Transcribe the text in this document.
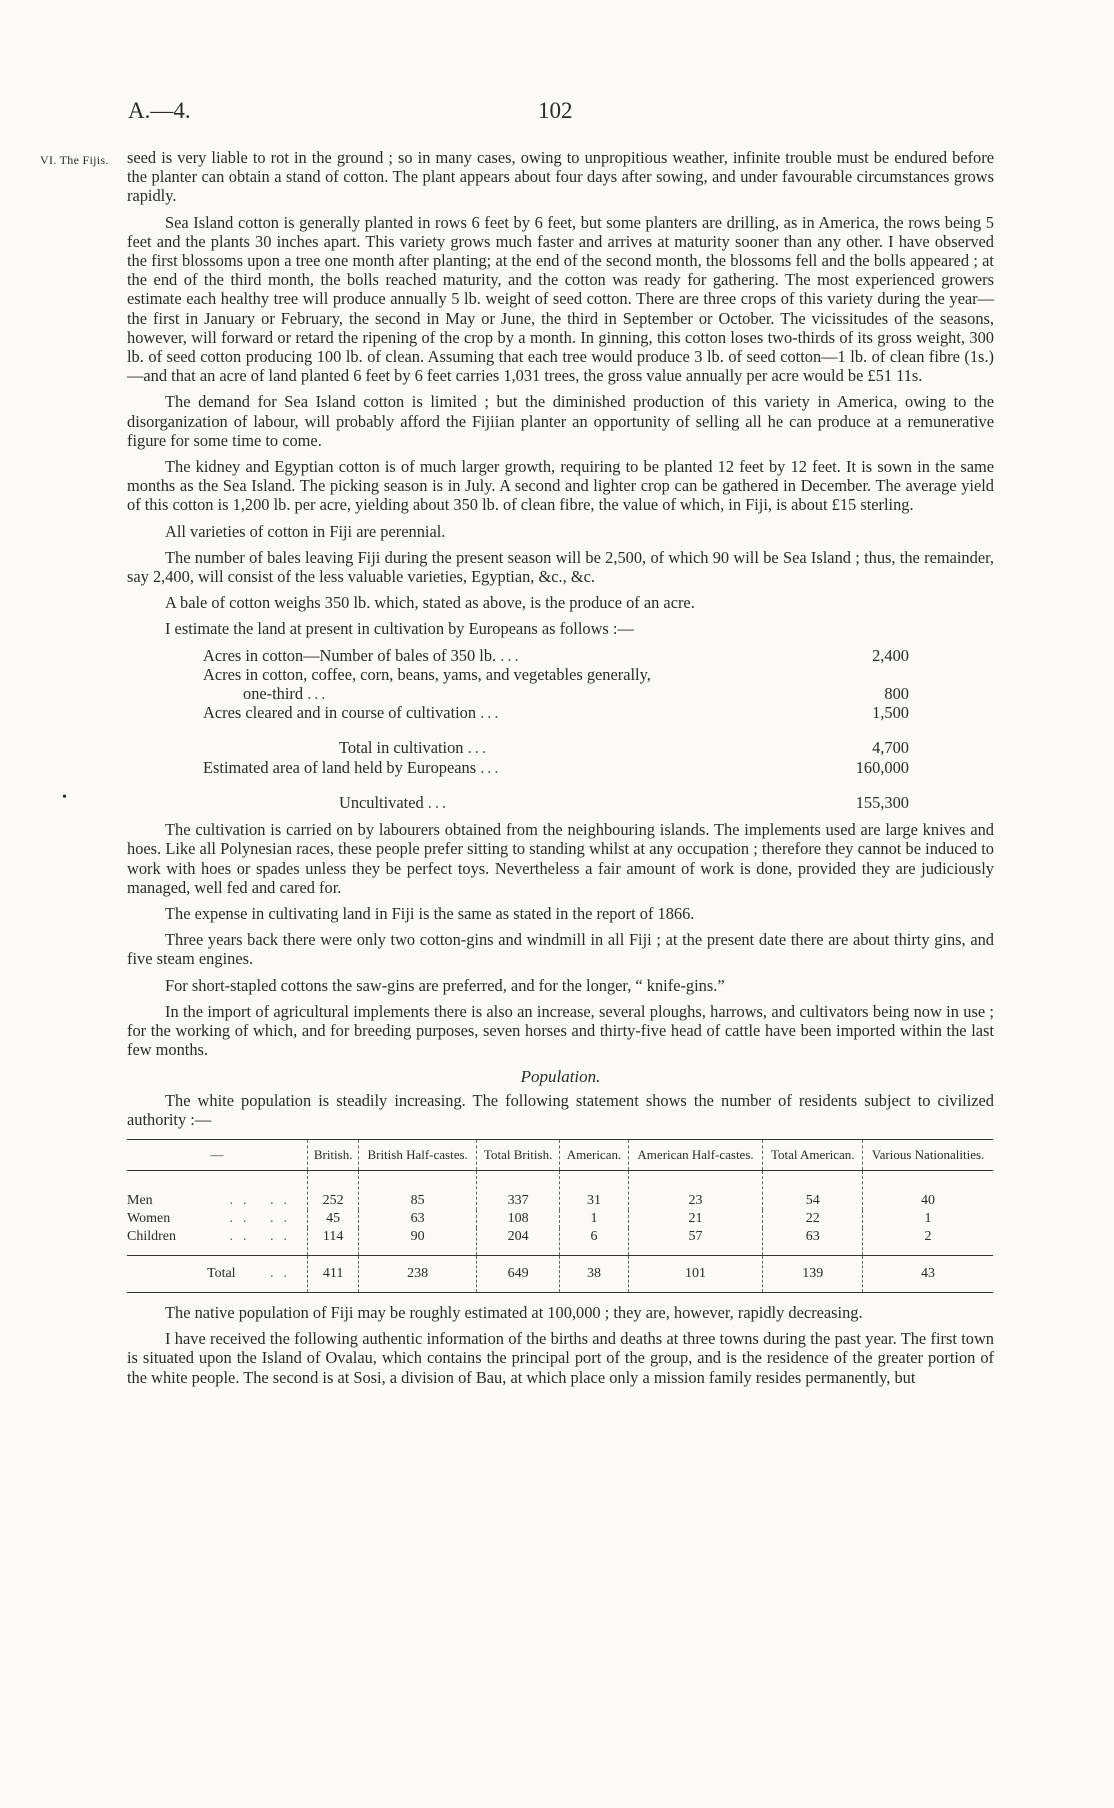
A.—4.	102
VI. The Fijis.
•

seed is very liable to rot in the ground ; so in many cases, owing to unpropitious weather, infinite trouble must be endured before the planter can obtain a stand of cotton. The plant appears about four days after sowing, and under favourable circumstances grows rapidly.

Sea Island cotton is generally planted in rows 6 feet by 6 feet, but some planters are drilling, as in America, the rows being 5 feet and the plants 30 inches apart. This variety grows much faster and arrives at maturity sooner than any other. I have observed the first blossoms upon a tree one month after planting; at the end of the second month, the blossoms fell and the bolls appeared ; at the end of the third month, the bolls reached maturity, and the cotton was ready for gathering. The most experienced growers estimate each healthy tree will produce annually 5 lb. weight of seed cotton. There are three crops of this variety during the year—the first in January or February, the second in May or June, the third in September or October. The vicissitudes of the seasons, however, will forward or retard the ripening of the crop by a month. In ginning, this cotton loses two-thirds of its gross weight, 300 lb. of seed cotton producing 100 lb. of clean. Assuming that each tree would produce 3 lb. of seed cotton—1 lb. of clean fibre (1s.)—and that an acre of land planted 6 feet by 6 feet carries 1,031 trees, the gross value annually per acre would be £51 11s.

The demand for Sea Island cotton is limited ; but the diminished production of this variety in America, owing to the disorganization of labour, will probably afford the Fijiian planter an opportunity of selling all he can produce at a remunerative figure for some time to come.

The kidney and Egyptian cotton is of much larger growth, requiring to be planted 12 feet by 12 feet. It is sown in the same months as the Sea Island. The picking season is in July. A second and lighter crop can be gathered in December. The average yield of this cotton is 1,200 lb. per acre, yielding about 350 lb. of clean fibre, the value of which, in Fiji, is about £15 sterling.

All varieties of cotton in Fiji are perennial.

The number of bales leaving Fiji during the present season will be 2,500, of which 90 will be Sea Island ; thus, the remainder, say 2,400, will consist of the less valuable varieties, Egyptian, &c., &c.

A bale of cotton weighs 350 lb. which, stated as above, is the produce of an acre.

I estimate the land at present in cultivation by Europeans as follows :—

Acres in cotton—Number of bales of 350 lb. ...	2,400
Acres in cotton, coffee, corn, beans, yams, and vegetables generally,	
one-third ...	800
Acres cleared and in course of cultivation ...	1,500
Total in cultivation ...	4,700
Estimated area of land held by Europeans ...	160,000
Uncultivated ...	155,300

The cultivation is carried on by labourers obtained from the neighbouring islands. The implements used are large knives and hoes. Like all Polynesian races, these people prefer sitting to standing whilst at any occupation ; therefore they cannot be induced to work with hoes or spades unless they be perfect toys. Nevertheless a fair amount of work is done, provided they are judiciously managed, well fed and cared for.

The expense in cultivating land in Fiji is the same as stated in the report of 1866.

Three years back there were only two cotton-gins and windmill in all Fiji ; at the present date there are about thirty gins, and five steam engines.

For short-stapled cottons the saw-gins are preferred, and for the longer, “ knife-gins.”

In the import of agricultural implements there is also an increase, several ploughs, harrows, and cultivators being now in use ; for the working of which, and for breeding purposes, seven horses and thirty-five head of cattle have been imported within the last few months.

Population.

The white population is steadily increasing. The following statement shows the number of residents subject to civilized authority :—

—	British.	British Half-castes.	Total British.	American.	American Half-castes.	Total American.	Various Nationalities.
Men .. ..	252	85	337	31	23	54	40
Women .. ..	45	63	108	1	21	22	1
Children .. ..	114	90	204	6	57	63	2
Total ..	411	238	649	38	101	139	43

The native population of Fiji may be roughly estimated at 100,000 ; they are, however, rapidly decreasing.

I have received the following authentic information of the births and deaths at three towns during the past year. The first town is situated upon the Island of Ovalau, which contains the principal port of the group, and is the residence of the greater portion of the white people. The second is at Sosi, a division of Bau, at which place only a mission family resides permanently, but
